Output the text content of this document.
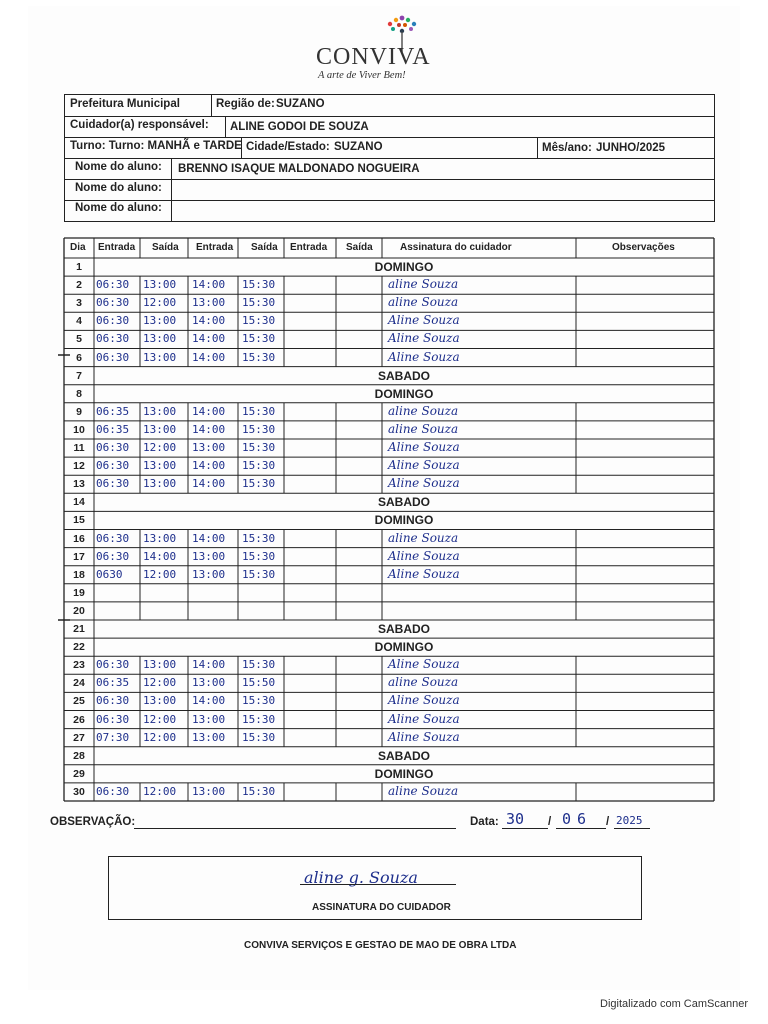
CONVIVA
A arte de Viver Bem!
Prefeitura Municipal	Região de: SUZANO
Cuidador(a) responsável: ALINE GODOI DE SOUZA
Turno: Turno: MANHÃ e TARDE Cidade/Estado: SUZANO	Mês/ano: JUNHO/2025
Nome do aluno: BRENNO ISAQUE MALDONADO NOGUEIRA
Nome do aluno:
Nome do aluno:
Dia Entrada Saída Entrada Saída Entrada Saída	Assinatura do cuidador	Observações
1	DOMINGO
2	06:30 13:00 14:00 15:30	aline Souza
3	06:30 12:00 13:00 15:30	aline Souza
4	06:30 13:00 14:00 15:30	Aline Souza
5	06:30 13:00 14:00 15:30	Aline Souza
6	06:30 13:00 14:00 15:30	Aline Souza
7	SABADO
8	DOMINGO
9	06:35 13:00 14:00 15:30	aline Souza
10	06:35 13:00 14:00 15:30	aline Souza
11	06:30 12:00 13:00 15:30	Aline Souza
12	06:30 13:00 14:00 15:30	Aline Souza
13	06:30 13:00 14:00 15:30	Aline Souza
14	SABADO
15	DOMINGO
16	06:30 13:00 14:00 15:30	aline Souza
17	06:30 14:00 13:00 15:30	Aline Souza
18	0630 12:00 13:00 15:30	Aline Souza
19
20
21	SABADO
22	DOMINGO
23	06:30 13:00 14:00 15:30	Aline Souza
24	06:35 12:00 13:00 15:50	aline Souza
25	06:30 13:00 14:00 15:30	Aline Souza
26	06:30 12:00 13:00 15:30	Aline Souza
27	07:30 12:00 13:00 15:30	Aline Souza
28	SABADO
29	DOMINGO
30	06:30 12:00 13:00 15:30	aline Souza
OBSERVAÇÃO:	Data: 30 / 06 / 2025
aline g. Souza
ASSINATURA DO CUIDADOR
CONVIVA SERVIÇOS E GESTAO DE MAO DE OBRA LTDA
Digitalizado com CamScanner
